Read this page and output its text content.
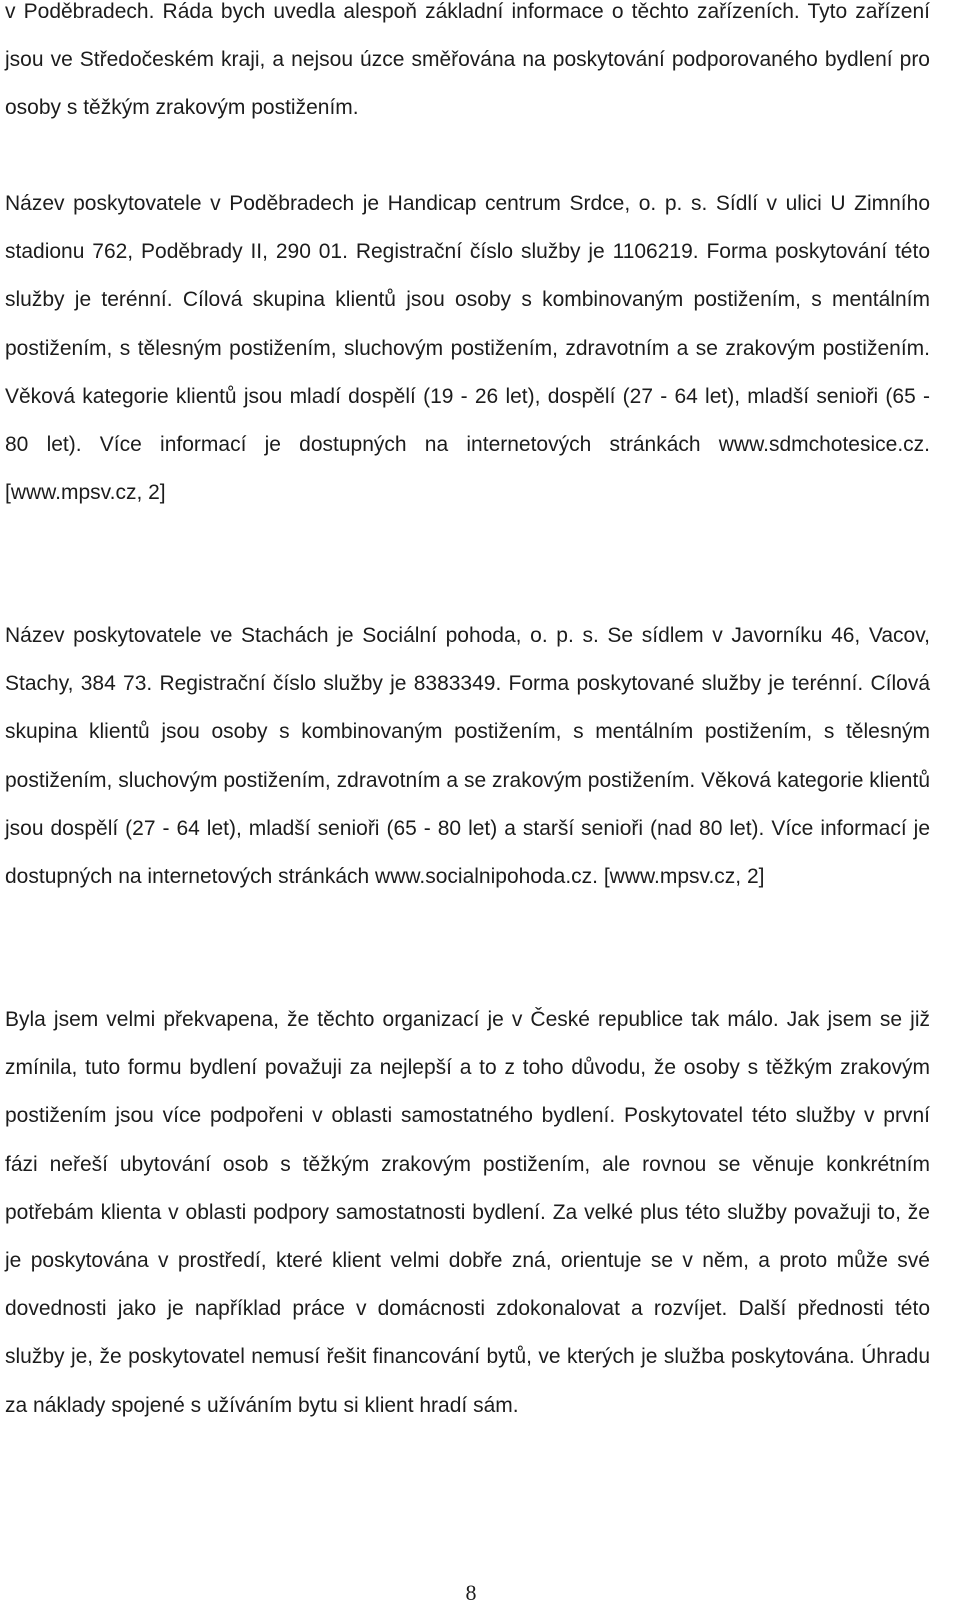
v Poděbradech. Ráda bych uvedla alespoň základní informace o těchto zařízeních. Tyto zařízení jsou ve Středočeském kraji, a nejsou úzce směřována na poskytování podporovaného bydlení pro osoby s těžkým zrakovým postižením.

Název poskytovatele v Poděbradech je Handicap centrum Srdce, o. p. s. Sídlí v ulici U Zimního stadionu 762, Poděbrady II, 290 01. Registrační číslo služby je 1106219. Forma poskytování této služby je terénní. Cílová skupina klientů jsou osoby s kombinovaným postižením, s mentálním postižením, s tělesným postižením, sluchovým postižením, zdravotním a se zrakovým postižením. Věková kategorie klientů jsou mladí dospělí (19 - 26 let), dospělí (27 - 64 let), mladší senioři (65 - 80 let). Více informací je dostupných na internetových stránkách www.sdmchotesice.cz. [www.mpsv.cz, 2]

Název poskytovatele ve Stachách je Sociální pohoda, o. p. s. Se sídlem v Javorníku 46, Vacov, Stachy, 384 73. Registrační číslo služby je 8383349. Forma poskytované služby je terénní. Cílová skupina klientů jsou osoby s kombinovaným postižením, s mentálním postižením, s tělesným postižením, sluchovým postižením, zdravotním a se zrakovým postižením. Věková kategorie klientů jsou dospělí (27 - 64 let), mladší senioři (65 - 80 let) a starší senioři (nad 80 let). Více informací je dostupných na internetových stránkách www.socialnipohoda.cz. [www.mpsv.cz, 2]

Byla jsem velmi překvapena, že těchto organizací je v České republice tak málo. Jak jsem se již zmínila, tuto formu bydlení považuji za nejlepší a to z toho důvodu, že osoby s těžkým zrakovým postižením jsou více podpořeni v oblasti samostatného bydlení. Poskytovatel této služby v první fázi neřeší ubytování osob s těžkým zrakovým postižením, ale rovnou se věnuje konkrétním potřebám klienta v oblasti podpory samostatnosti bydlení. Za velké plus této služby považuji to, že je poskytována v prostředí, které klient velmi dobře zná, orientuje se v něm, a proto může své dovednosti jako je například práce v domácnosti zdokonalovat a rozvíjet. Další přednosti této služby je, že poskytovatel nemusí řešit financování bytů, ve kterých je služba poskytována. Úhradu za náklady spojené s užíváním bytu si klient hradí sám.

8
